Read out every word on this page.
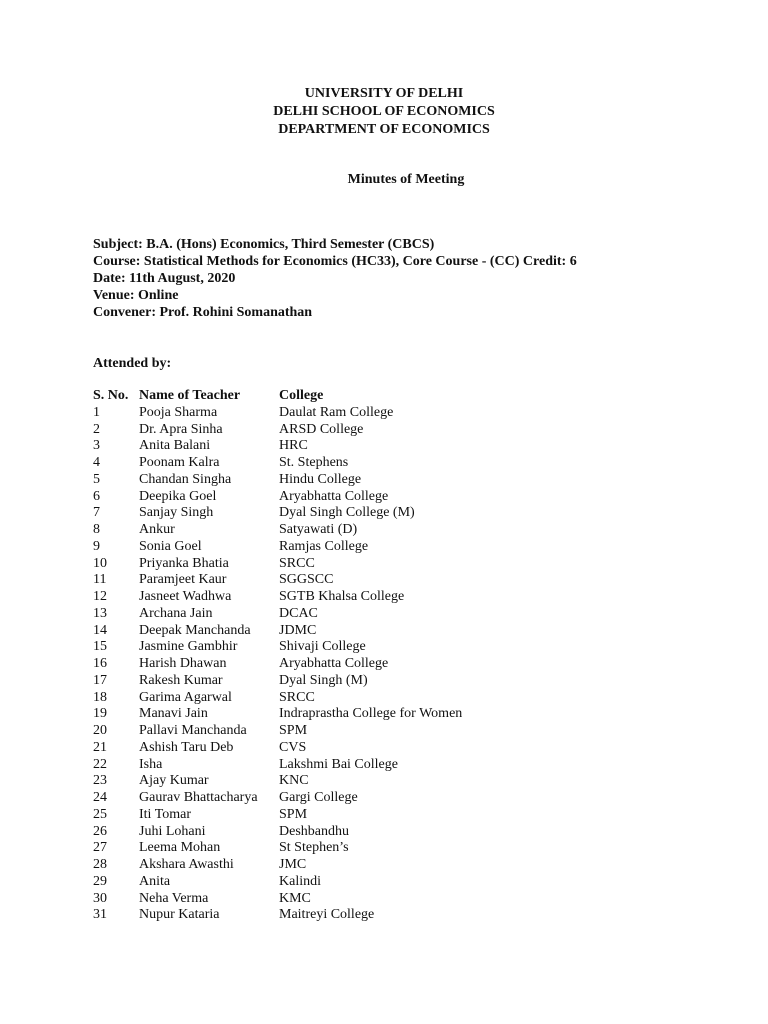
UNIVERSITY OF DELHI
DELHI SCHOOL OF ECONOMICS
DEPARTMENT OF ECONOMICS
Minutes of Meeting
Subject: B.A. (Hons) Economics, Third Semester (CBCS)
Course: Statistical Methods for Economics (HC33), Core Course - (CC) Credit: 6
Date: 11th August, 2020
Venue: Online
Convener: Prof. Rohini Somanathan
Attended by:
S. No.	Name of Teacher	College
1	Pooja Sharma	Daulat Ram College
2	Dr. Apra Sinha	ARSD College
3	Anita Balani	HRC
4	Poonam Kalra	St. Stephens
5	Chandan Singha	Hindu College
6	Deepika Goel	Aryabhatta College
7	Sanjay Singh	Dyal Singh College (M)
8	Ankur	Satyawati (D)
9	Sonia Goel	Ramjas College
10	Priyanka Bhatia	SRCC
11	Paramjeet Kaur	SGGSCC
12	Jasneet Wadhwa	SGTB Khalsa College
13	Archana Jain	DCAC
14	Deepak Manchanda	JDMC
15	Jasmine Gambhir	Shivaji College
16	Harish Dhawan	Aryabhatta College
17	Rakesh Kumar	Dyal Singh (M)
18	Garima Agarwal	SRCC
19	Manavi Jain	Indraprastha College for Women
20	Pallavi Manchanda	SPM
21	Ashish Taru Deb	CVS
22	Isha	Lakshmi Bai College
23	Ajay Kumar	KNC
24	Gaurav Bhattacharya	Gargi College
25	Iti Tomar	SPM
26	Juhi Lohani	Deshbandhu
27	Leema Mohan	St Stephen’s
28	Akshara Awasthi	JMC
29	Anita	Kalindi
30	Neha Verma	KMC
31	Nupur Kataria	Maitreyi College
